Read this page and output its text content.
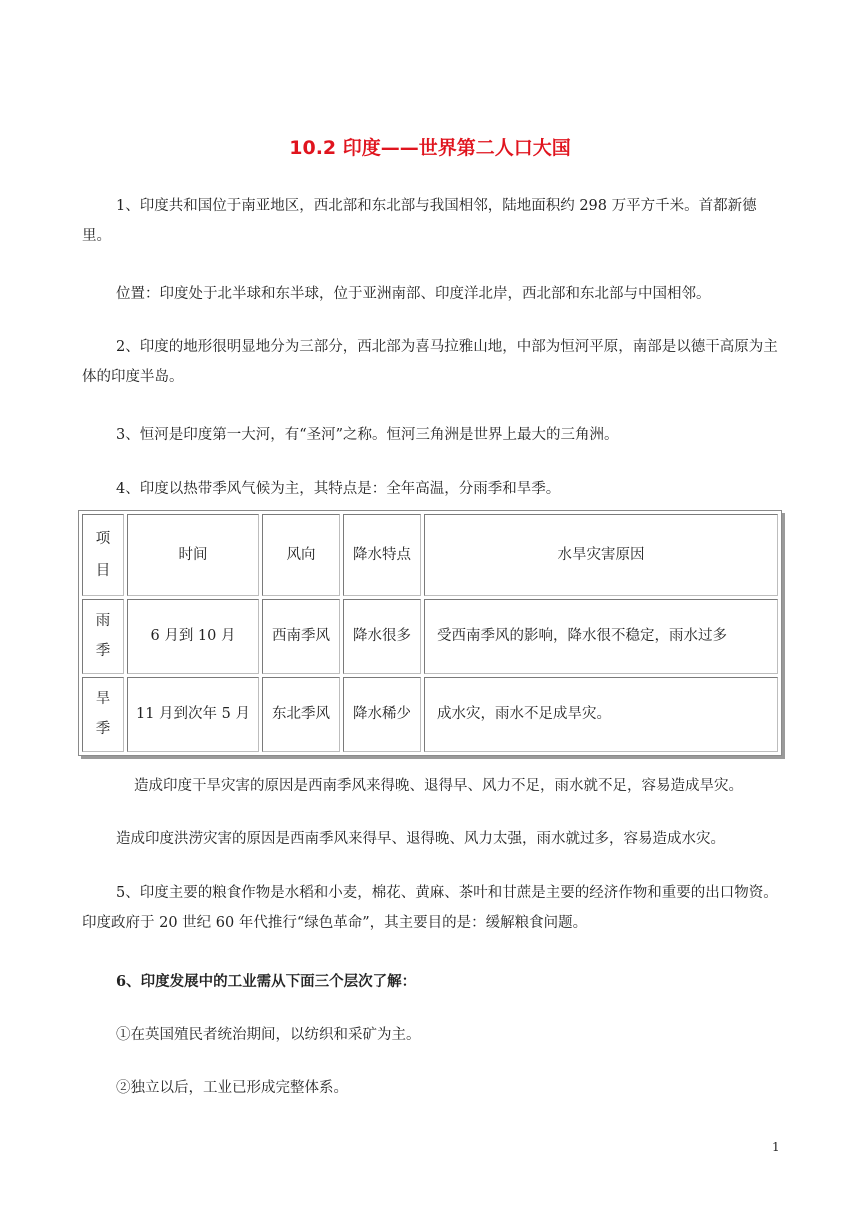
10.2 印度——世界第二人口大国
1、印度共和国位于南亚地区，西北部和东北部与我国相邻，陆地面积约 298 万平方千米。首都新德里。
位置：印度处于北半球和东半球，位于亚洲南部、印度洋北岸，西北部和东北部与中国相邻。
2、印度的地形很明显地分为三部分，西北部为喜马拉雅山地，中部为恒河平原，南部是以德干高原为主体的印度半岛。
3、恒河是印度第一大河，有“圣河”之称。恒河三角洲是世界上最大的三角洲。
4、印度以热带季风气候为主，其特点是：全年高温，分雨季和旱季。
项目	时间	风向	降水特点	水旱灾害原因
雨季	6 月到 10 月	西南季风	降水很多	受西南季风的影响，降水很不稳定，雨水过多
旱季	11 月到次年 5 月	东北季风	降水稀少	成水灾，雨水不足成旱灾。
造成印度干旱灾害的原因是西南季风来得晚、退得早、风力不足，雨水就不足，容易造成旱灾。
造成印度洪涝灾害的原因是西南季风来得早、退得晚、风力太强，雨水就过多，容易造成水灾。
5、印度主要的粮食作物是水稻和小麦，棉花、黄麻、茶叶和甘蔗是主要的经济作物和重要的出口物资。印度政府于 20 世纪 60 年代推行“绿色革命”，其主要目的是：缓解粮食问题。
6、印度发展中的工业需从下面三个层次了解：
①在英国殖民者统治期间，以纺织和采矿为主。
②独立以后，工业已形成完整体系。
1
